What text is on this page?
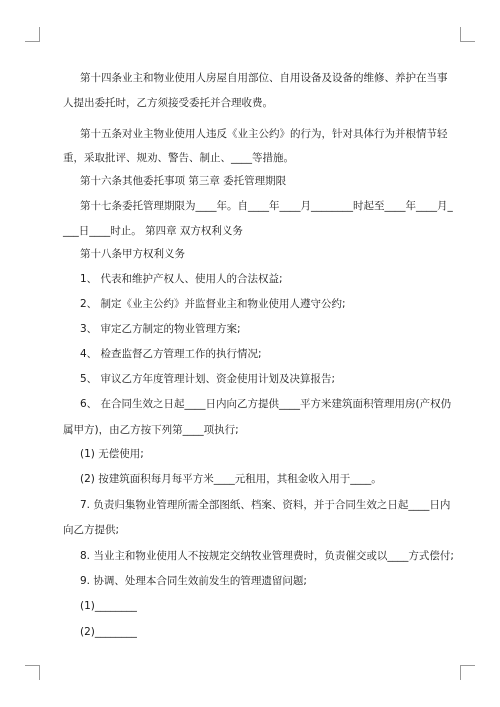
第十四条业主和物业使用人房屋自用部位、自用设备及设备的维修、养护在当事
人提出委托时，乙方须接受委托并合理收费。
第十五条对业主物业使用人违反《业主公约》的行为，针对具体行为并根情节轻
重，采取批评、规劝、警告、制止、____等措施。
第十六条其他委托事项 第三章 委托管理期限
第十七条委托管理期限为____年。自____年____月________时起至____年____月_
___日____时止。 第四章 双方权利义务
第十八条甲方权利义务
1、 代表和维护产权人、使用人的合法权益;
2、 制定《业主公约》并监督业主和物业使用人遵守公约;
3、 审定乙方制定的物业管理方案;
4、 检查监督乙方管理工作的执行情况;
5、 审议乙方年度管理计划、资金使用计划及决算报告;
6、 在合同生效之日起____日内向乙方提供____平方米建筑面积管理用房(产权仍
属甲方)，由乙方按下列第____项执行;
(1) 无偿使用;
(2) 按建筑面积每月每平方米____元租用，其租金收入用于____。
7. 负责归集物业管理所需全部图纸、档案、资料，并于合同生效之日起____日内
向乙方提供;
8. 当业主和物业使用人不按规定交纳牧业管理费时，负责催交或以____方式偿付;
9. 协调、处理本合同生效前发生的管理遗留问题;
(1)________
(2)________
